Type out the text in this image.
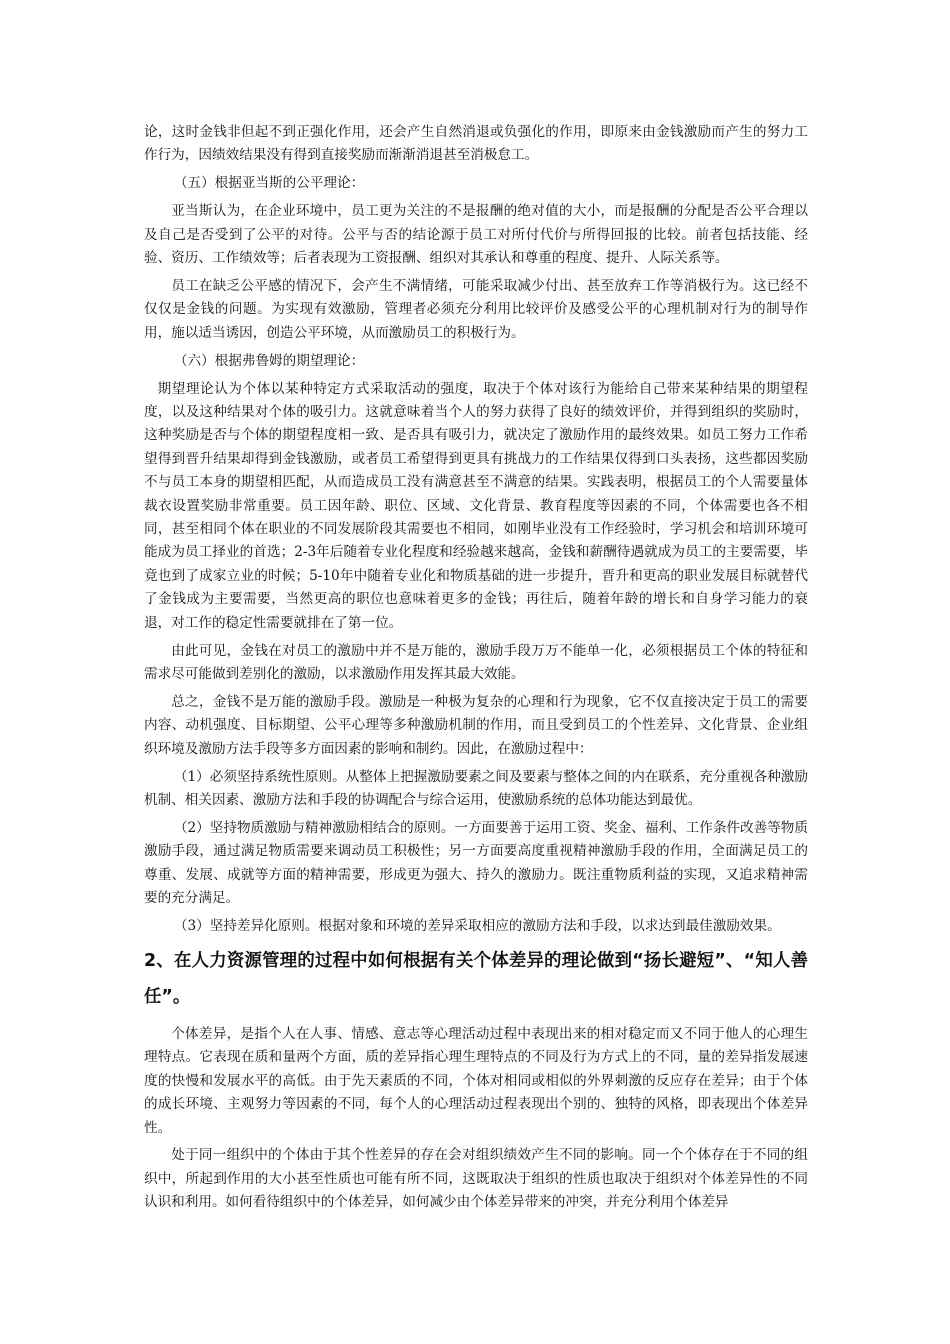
论，这时金钱非但起不到正强化作用，还会产生自然消退或负强化的作用，即原来由金钱激励而产生的努力工作行为，因绩效结果没有得到直接奖励而渐渐消退甚至消极怠工。

（五）根据亚当斯的公平理论：

亚当斯认为，在企业环境中，员工更为关注的不是报酬的绝对值的大小，而是报酬的分配是否公平合理以及自己是否受到了公平的对待。公平与否的结论源于员工对所付代价与所得回报的比较。前者包括技能、经验、资历、工作绩效等；后者表现为工资报酬、组织对其承认和尊重的程度、提升、人际关系等。

员工在缺乏公平感的情况下，会产生不满情绪，可能采取减少付出、甚至放弃工作等消极行为。这已经不仅仅是金钱的问题。为实现有效激励，管理者必须充分利用比较评价及感受公平的心理机制对行为的制导作用，施以适当诱因，创造公平环境，从而激励员工的积极行为。

（六）根据弗鲁姆的期望理论：

期望理论认为个体以某种特定方式采取活动的强度，取决于个体对该行为能给自己带来某种结果的期望程度，以及这种结果对个体的吸引力。这就意味着当个人的努力获得了良好的绩效评价，并得到组织的奖励时，这种奖励是否与个体的期望程度相一致、是否具有吸引力，就决定了激励作用的最终效果。如员工努力工作希望得到晋升结果却得到金钱激励，或者员工希望得到更具有挑战力的工作结果仅得到口头表扬，这些都因奖励不与员工本身的期望相匹配，从而造成员工没有满意甚至不满意的结果。实践表明，根据员工的个人需要量体裁衣设置奖励非常重要。员工因年龄、职位、区域、文化背景、教育程度等因素的不同，个体需要也各不相同，甚至相同个体在职业的不同发展阶段其需要也不相同，如刚毕业没有工作经验时，学习机会和培训环境可能成为员工择业的首选；2-3年后随着专业化程度和经验越来越高，金钱和薪酬待遇就成为员工的主要需要，毕竟也到了成家立业的时候；5-10年中随着专业化和物质基础的进一步提升，晋升和更高的职业发展目标就替代了金钱成为主要需要，当然更高的职位也意味着更多的金钱；再往后，随着年龄的增长和自身学习能力的衰退，对工作的稳定性需要就排在了第一位。

由此可见，金钱在对员工的激励中并不是万能的，激励手段万万不能单一化，必须根据员工个体的特征和需求尽可能做到差别化的激励，以求激励作用发挥其最大效能。

总之，金钱不是万能的激励手段。激励是一种极为复杂的心理和行为现象，它不仅直接决定于员工的需要内容、动机强度、目标期望、公平心理等多种激励机制的作用，而且受到员工的个性差异、文化背景、企业组织环境及激励方法手段等多方面因素的影响和制约。因此，在激励过程中：

（1）必须坚持系统性原则。从整体上把握激励要素之间及要素与整体之间的内在联系，充分重视各种激励机制、相关因素、激励方法和手段的协调配合与综合运用，使激励系统的总体功能达到最优。

（2）坚持物质激励与精神激励相结合的原则。一方面要善于运用工资、奖金、福利、工作条件改善等物质激励手段，通过满足物质需要来调动员工积极性；另一方面要高度重视精神激励手段的作用，全面满足员工的尊重、发展、成就等方面的精神需要，形成更为强大、持久的激励力。既注重物质利益的实现，又追求精神需要的充分满足。

（3）坚持差异化原则。根据对象和环境的差异采取相应的激励方法和手段，以求达到最佳激励效果。

2、在人力资源管理的过程中如何根据有关个体差异的理论做到“扬长避短”、“知人善任”。

个体差异，是指个人在人事、情感、意志等心理活动过程中表现出来的相对稳定而又不同于他人的心理生理特点。它表现在质和量两个方面，质的差异指心理生理特点的不同及行为方式上的不同，量的差异指发展速度的快慢和发展水平的高低。由于先天素质的不同，个体对相同或相似的外界刺激的反应存在差异；由于个体的成长环境、主观努力等因素的不同，每个人的心理活动过程表现出个别的、独特的风格，即表现出个体差异性。

处于同一组织中的个体由于其个性差异的存在会对组织绩效产生不同的影响。同一个个体存在于不同的组织中，所起到作用的大小甚至性质也可能有所不同，这既取决于组织的性质也取决于组织对个体差异性的不同认识和利用。如何看待组织中的个体差异，如何减少由个体差异带来的冲突，并充分利用个体差异
